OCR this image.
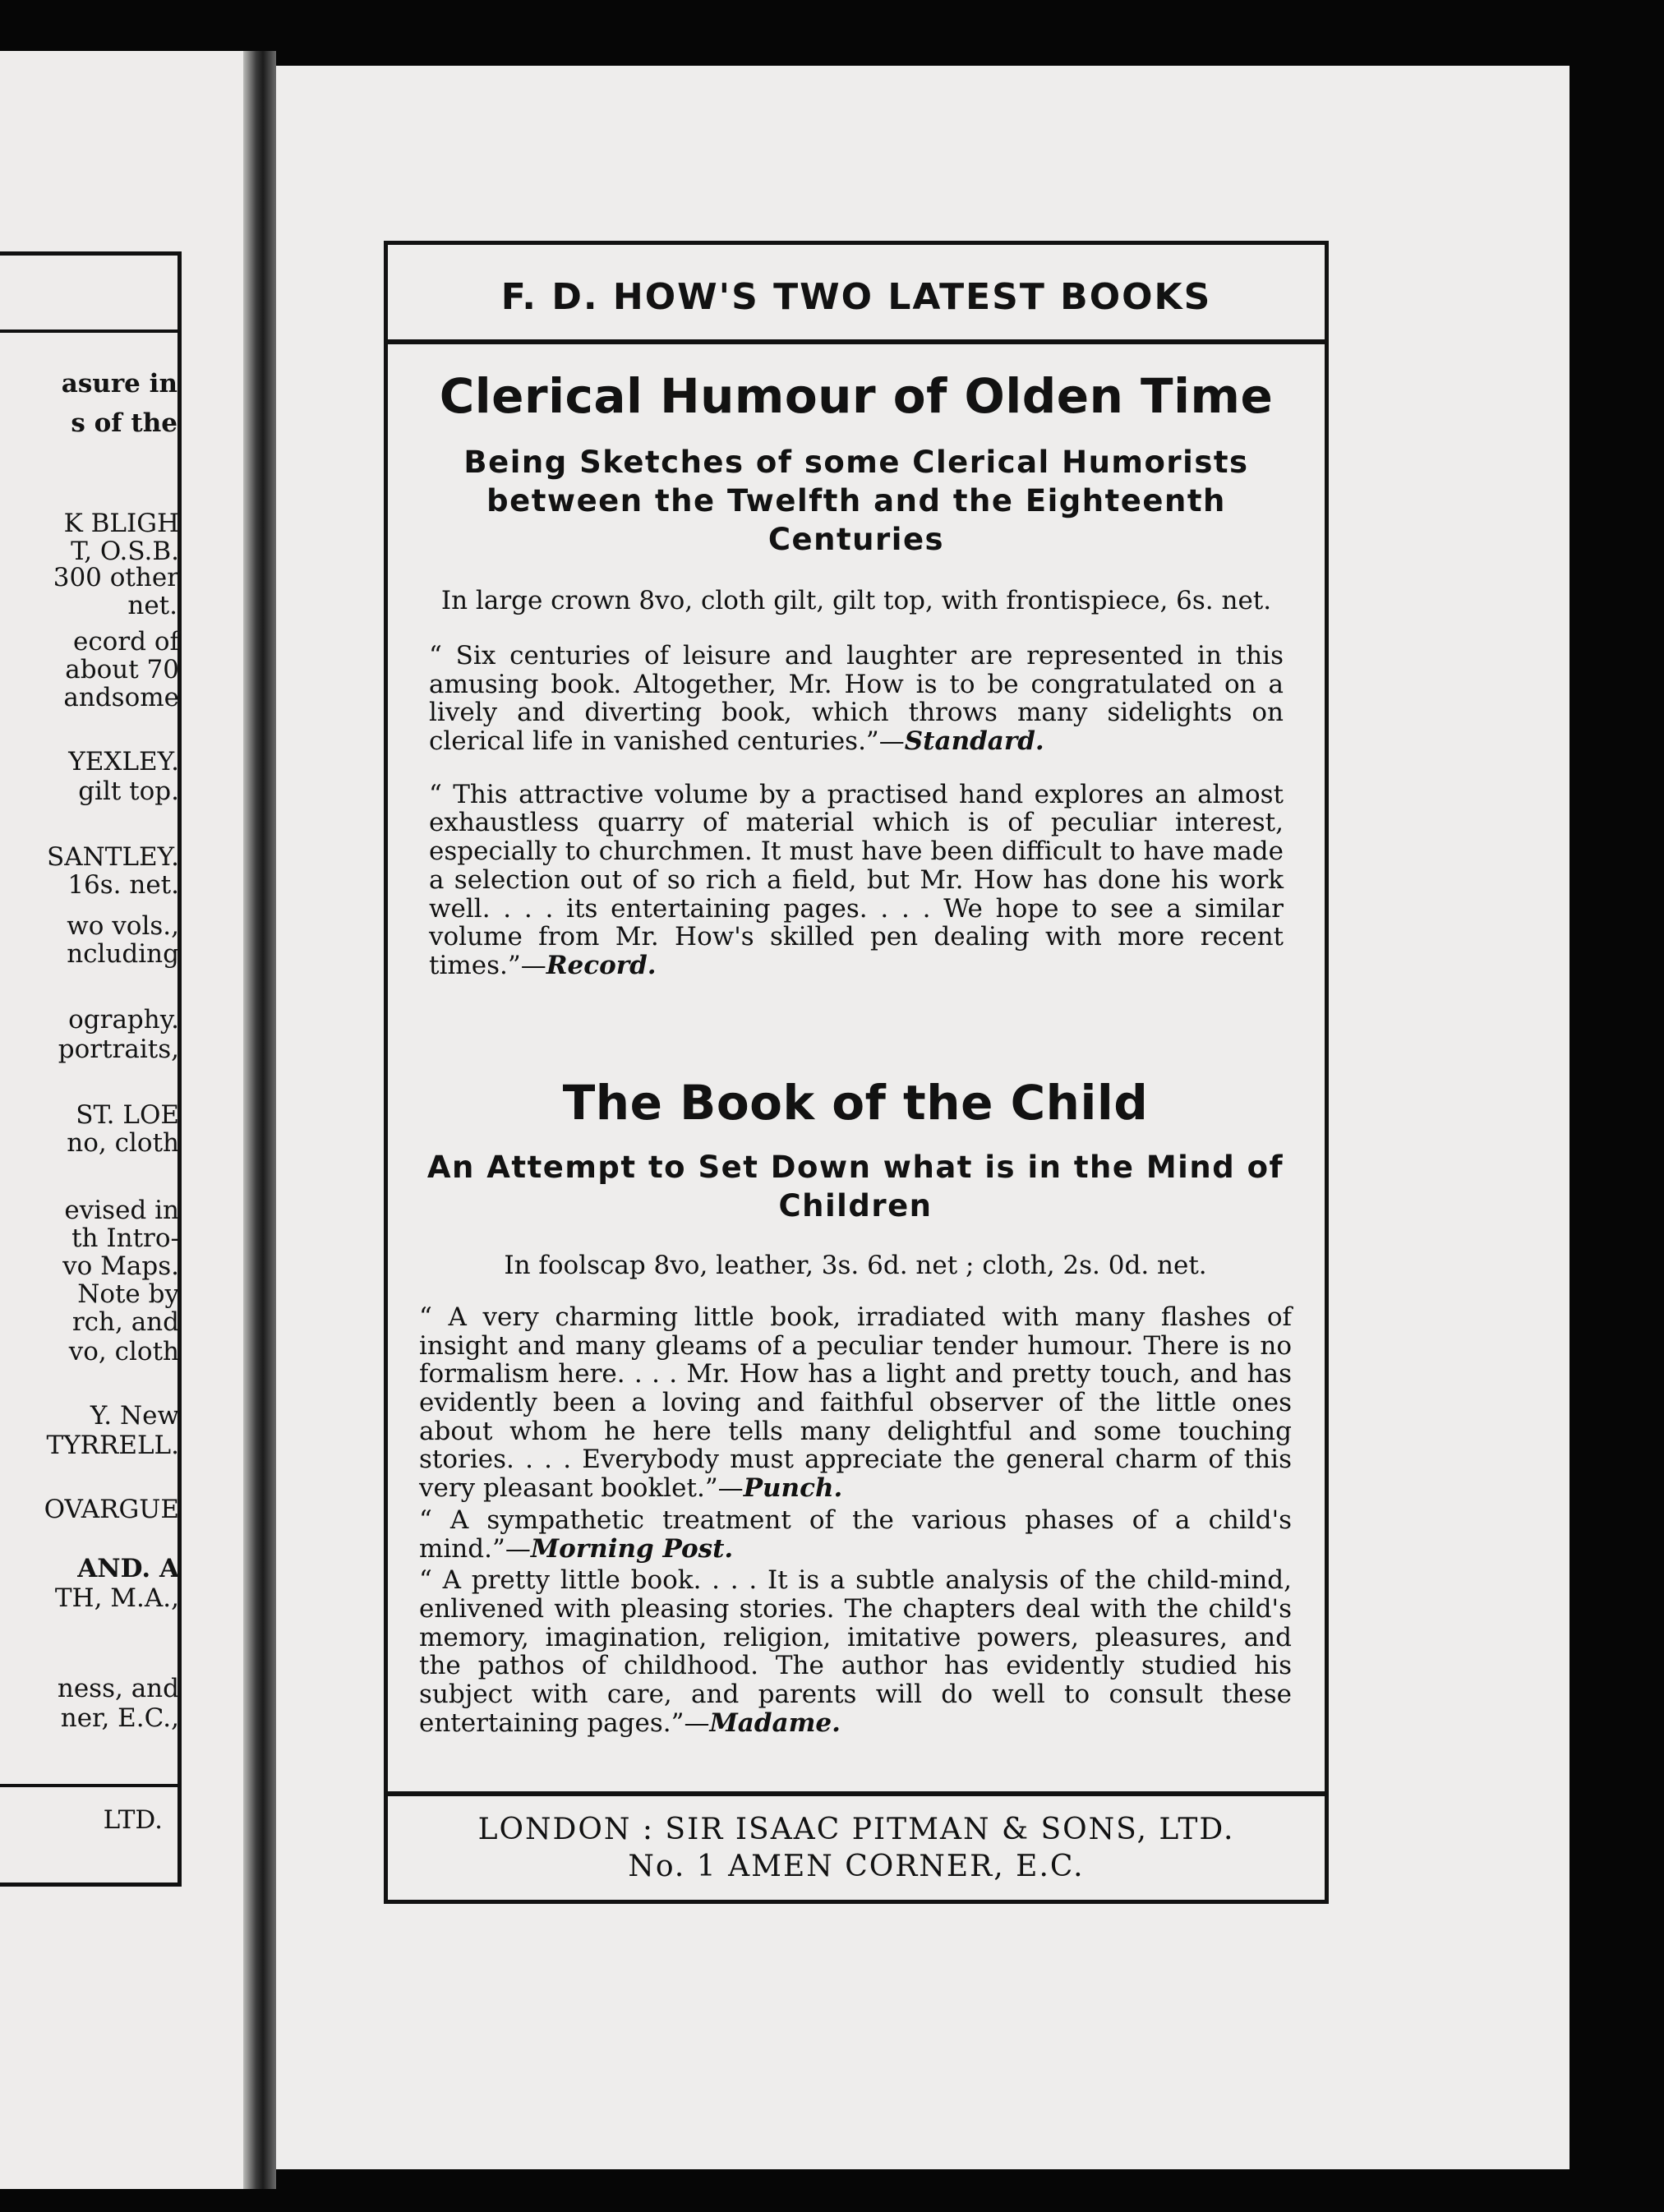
asure in
s of the
K BLIGH
T, O.S.B.
300 other
net.
ecord of
about 70
andsome
YEXLEY.
gilt top.
SANTLEY.
16s. net.
wo vols.,
ncluding
ography.
portraits,
ST. LOE
no, cloth
evised in
th Intro-
vo Maps.
Note by
rch, and
vo, cloth
Y. New
TYRRELL.
OVARGUE
AND. A
TH, M.A.,
ness, and
ner, E.C.,
LTD.
F. D. HOW'S TWO LATEST BOOKS
Clerical Humour of Olden Time
Being Sketches of some Clerical Humorists between the Twelfth and the Eighteenth Centuries
In large crown 8vo, cloth gilt, gilt top, with frontispiece, 6s. net.
“ Six centuries of leisure and laughter are represented in this amusing book. Altogether, Mr. How is to be congratulated on a lively and diverting book, which throws many sidelights on clerical life in vanished centuries.”—Standard.
“ This attractive volume by a practised hand explores an almost exhaustless quarry of material which is of peculiar interest, especially to churchmen. It must have been difficult to have made a selection out of so rich a field, but Mr. How has done his work well. . . . its entertaining pages. . . . We hope to see a similar volume from Mr. How's skilled pen dealing with more recent times.”—Record.
The Book of the Child
An Attempt to Set Down what is in the Mind of Children
In foolscap 8vo, leather, 3s. 6d. net ; cloth, 2s. 0d. net.
“ A very charming little book, irradiated with many flashes of insight and many gleams of a peculiar tender humour. There is no formalism here. . . . Mr. How has a light and pretty touch, and has evidently been a loving and faithful observer of the little ones about whom he here tells many delightful and some touching stories. . . . Everybody must appreciate the general charm of this very pleasant booklet.”—Punch.
“ A sympathetic treatment of the various phases of a child's mind.”—Morning Post.
“ A pretty little book. . . . It is a subtle analysis of the child-mind, enlivened with pleasing stories. The chapters deal with the child's memory, imagination, religion, imitative powers, pleasures, and the pathos of childhood. The author has evidently studied his subject with care, and parents will do well to consult these entertaining pages.”—Madame.
LONDON : SIR ISAAC PITMAN & SONS, LTD.
No. 1 AMEN CORNER, E.C.
